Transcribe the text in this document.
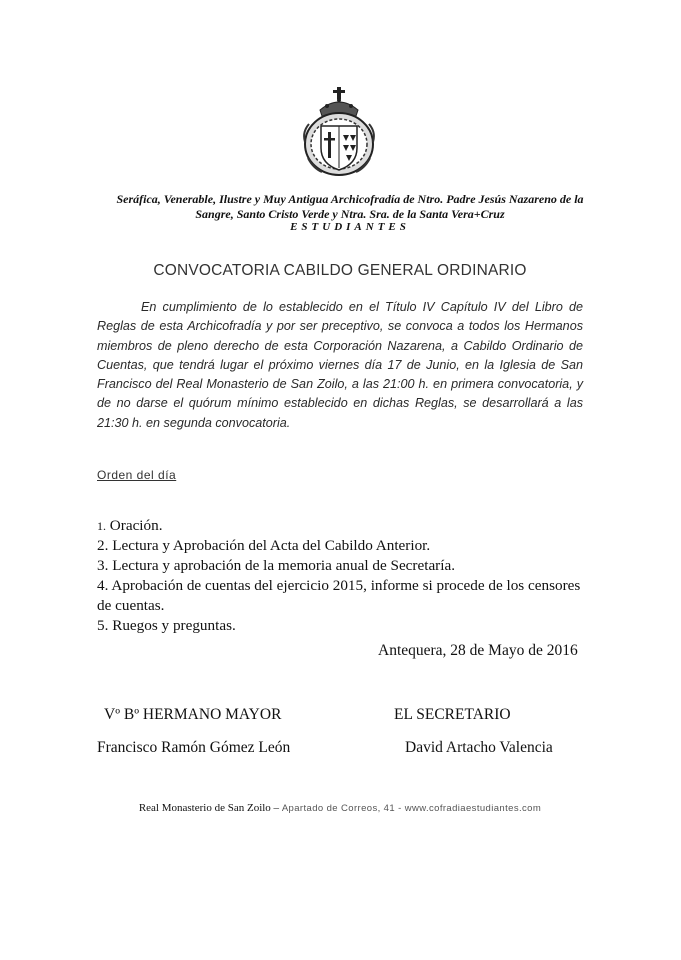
Seráfica, Venerable, Ilustre y Muy Antigua Archicofradía de Ntro. Padre Jesús Nazareno de la
Sangre, Santo Cristo Verde y Ntra. Sra. de la Santa Vera+Cruz
ESTUDIANTES
CONVOCATORIA CABILDO GENERAL ORDINARIO
En cumplimiento de lo establecido en el Título IV Capítulo IV del Libro de Reglas de esta Archicofradía y por ser preceptivo, se convoca a todos los Hermanos miembros de pleno derecho de esta Corporación Nazarena, a Cabildo Ordinario de Cuentas, que tendrá lugar el próximo viernes día 17 de Junio, en la Iglesia de San Francisco del Real Monasterio de San Zoilo, a las 21:00 h. en primera convocatoria, y de no darse el quórum mínimo establecido en dichas Reglas, se desarrollará a las 21:30 h. en segunda convocatoria.
Orden del día
1. Oración.
2. Lectura y Aprobación del Acta del Cabildo Anterior.
3. Lectura y aprobación de la memoria anual de Secretaría.
4. Aprobación de cuentas del ejercicio 2015, informe si procede de los censores de cuentas.
5. Ruegos y preguntas.
Antequera, 28 de Mayo de 2016
Vº Bº HERMANO MAYOR	EL SECRETARIO
Francisco Ramón Gómez León	David Artacho Valencia
Real Monasterio de San Zoilo – Apartado de Correos, 41 - www.cofradiaestudiantes.com
